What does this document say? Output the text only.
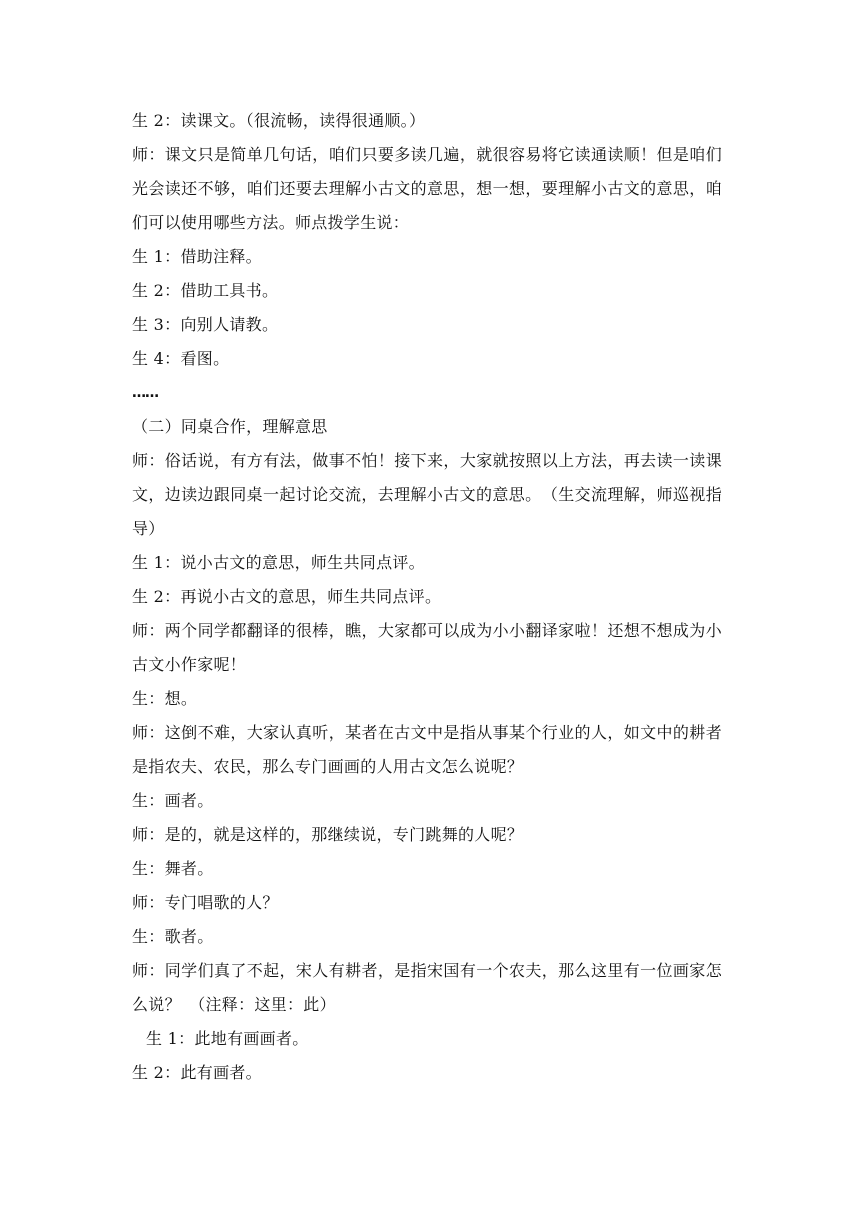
生 2：读课文。（很流畅，读得很通顺。）

师：课文只是简单几句话，咱们只要多读几遍，就很容易将它读通读顺！但是咱们光会读还不够，咱们还要去理解小古文的意思，想一想，要理解小古文的意思，咱们可以使用哪些方法。师点拨学生说：

生 1：借助注释。

生 2：借助工具书。

生 3：向别人请教。

生 4：看图。

……

（二）同桌合作，理解意思

师：俗话说，有方有法，做事不怕！接下来，大家就按照以上方法，再去读一读课文，边读边跟同桌一起讨论交流，去理解小古文的意思。　（生交流理解，师巡视指导）

生 1：说小古文的意思，师生共同点评。

生 2：再说小古文的意思，师生共同点评。

师：两个同学都翻译的很棒，瞧，大家都可以成为小小翻译家啦！还想不想成为小古文小作家呢！

生：想。

师：这倒不难，大家认真听，某者在古文中是指从事某个行业的人，如文中的耕者是指农夫、农民，那么专门画画的人用古文怎么说呢？

生：画者。

师：是的，就是这样的，那继续说，专门跳舞的人呢？

生：舞者。

师：专门唱歌的人？

生：歌者。

师：同学们真了不起，宋人有耕者，是指宋国有一个农夫，那么这里有一位画家怎么说？　（注释：这里：此）

生 1：此地有画画者。

生 2：此有画者。
